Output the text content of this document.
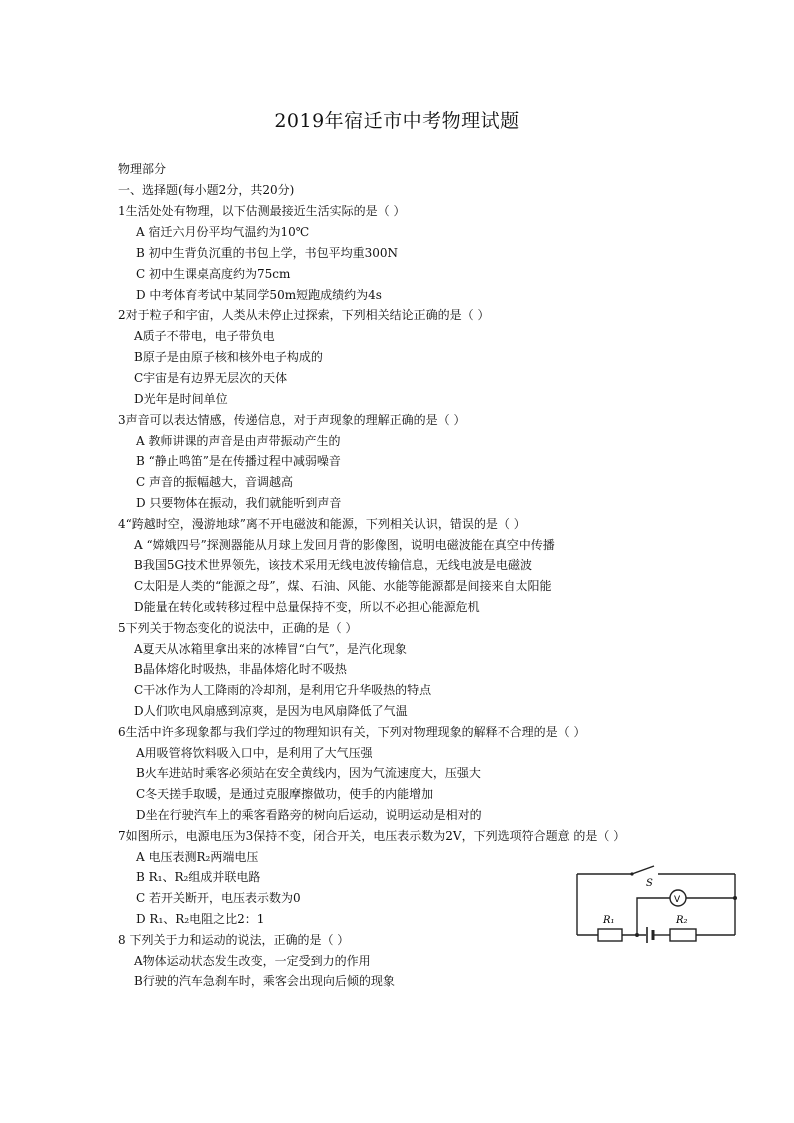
2019年宿迁市中考物理试题
物理部分
一、选择题(每小题2分，共20分)
1生活处处有物理，以下估测最接近生活实际的是（ ）
A 宿迁六月份平均气温约为10℃
B 初中生背负沉重的书包上学，书包平均重300N
C 初中生课桌高度约为75cm
D 中考体育考试中某同学50m短跑成绩约为4s
2对于粒子和宇宙，人类从未停止过探索，下列相关结论正确的是（ ）
A质子不带电，电子带负电
B原子是由原子核和核外电子构成的
C宇宙是有边界无层次的天体
D光年是时间单位
3声音可以表达情感，传递信息，对于声现象的理解正确的是（ ）
A 教师讲课的声音是由声带振动产生的
B “静止鸣笛”是在传播过程中减弱噪音
C 声音的振幅越大，音调越高
D 只要物体在振动，我们就能听到声音
4“跨越时空，漫游地球”离不开电磁波和能源，下列相关认识，错误的是（ ）
A “嫦娥四号”探测器能从月球上发回月背的影像图，说明电磁波能在真空中传播
B我国5G技术世界领先，该技术采用无线电波传输信息，无线电波是电磁波
C太阳是人类的“能源之母”，煤、石油、风能、水能等能源都是间接来自太阳能
D能量在转化或转移过程中总量保持不变，所以不必担心能源危机
5下列关于物态变化的说法中，正确的是（ ）
A夏天从冰箱里拿出来的冰棒冒“白气”，是汽化现象
B晶体熔化时吸热，非晶体熔化时不吸热
C干冰作为人工降雨的冷却剂，是利用它升华吸热的特点
D人们吹电风扇感到凉爽，是因为电风扇降低了气温
6生活中许多现象都与我们学过的物理知识有关，下列对物理现象的解释不合理的是（ ）
A用吸管将饮料吸入口中，是利用了大气压强
B火车进站时乘客必须站在安全黄线内，因为气流速度大，压强大
C冬天搓手取暖，是通过克服摩擦做功，使手的内能增加
D坐在行驶汽车上的乘客看路旁的树向后运动，说明运动是相对的
7如图所示，电源电压为3保持不变，闭合开关，电压表示数为2V，下列选项符合题意 的是（ ）
A 电压表测R₂两端电压
B R₁、R₂组成并联电路
C 若开关断开，电压表示数为0
D R₁、R₂电阻之比2：1
8 下列关于力和运动的说法，正确的是（ ）
A物体运动状态发生改变，一定受到力的作用
B行驶的汽车急刹车时，乘客会出现向后倾的现象
S
V
R₁	R₂
